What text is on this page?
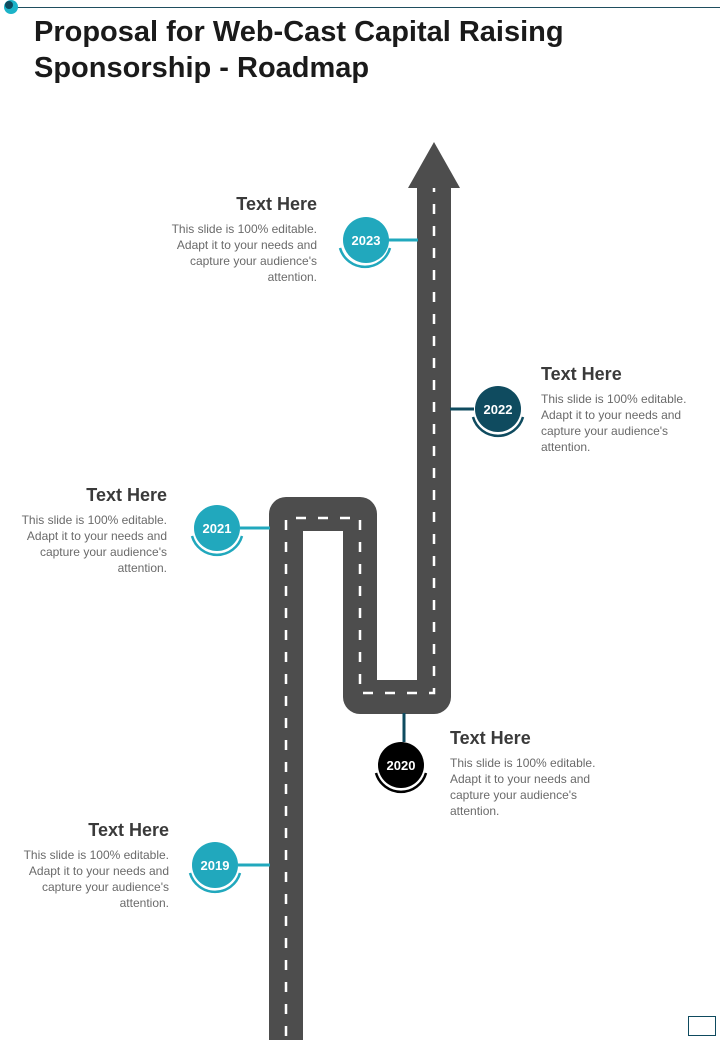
Proposal for Web-Cast Capital Raising
Sponsorship - Roadmap
2023
2022
2021
2020
2019
Text Here
This slide is 100% editable. Adapt it to your needs and capture your audience's attention.
Text Here
This slide is 100% editable. Adapt it to your needs and capture your audience's attention.
Text Here
This slide is 100% editable. Adapt it to your needs and capture your audience's attention.
Text Here
This slide is 100% editable. Adapt it to your needs and capture your audience's attention.
Text Here
This slide is 100% editable. Adapt it to your needs and capture your audience's attention.
20
